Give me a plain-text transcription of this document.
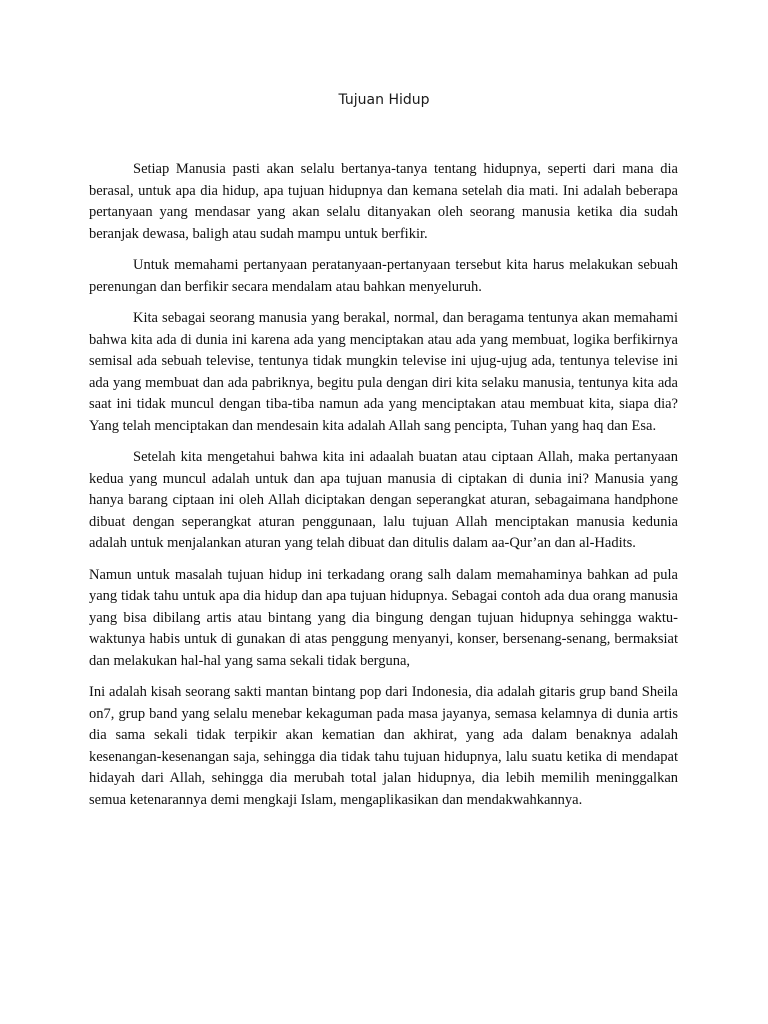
Tujuan Hidup

Setiap Manusia pasti akan selalu bertanya-tanya tentang hidupnya, seperti dari mana dia berasal, untuk apa dia hidup, apa tujuan hidupnya dan kemana setelah dia mati. Ini adalah beberapa pertanyaan yang mendasar yang akan selalu ditanyakan oleh seorang manusia ketika dia sudah beranjak dewasa, baligh atau sudah mampu untuk berfikir.

Untuk memahami pertanyaan peratanyaan-pertanyaan tersebut kita harus melakukan sebuah perenungan dan berfikir secara mendalam atau bahkan menyeluruh.

Kita sebagai seorang manusia yang berakal, normal, dan beragama tentunya akan memahami bahwa kita ada di dunia ini karena ada yang menciptakan atau ada yang membuat, logika berfikirnya semisal ada sebuah televise, tentunya tidak mungkin televise ini ujug-ujug ada, tentunya televise ini ada yang membuat dan ada pabriknya, begitu pula dengan diri kita selaku manusia, tentunya kita ada saat ini tidak muncul dengan tiba-tiba namun ada yang menciptakan atau membuat kita, siapa dia? Yang telah menciptakan dan mendesain kita adalah Allah sang pencipta, Tuhan yang haq dan Esa.

Setelah kita mengetahui bahwa kita ini adaalah buatan atau ciptaan Allah, maka pertanyaan kedua yang muncul adalah untuk dan apa tujuan manusia di ciptakan di dunia ini? Manusia yang hanya barang ciptaan ini oleh Allah diciptakan dengan seperangkat aturan, sebagaimana handphone dibuat dengan seperangkat aturan penggunaan, lalu tujuan Allah menciptakan manusia kedunia adalah untuk menjalankan aturan yang telah dibuat dan ditulis dalam aa-Qur’an dan al-Hadits.

Namun untuk masalah tujuan hidup ini terkadang orang salh dalam memahaminya bahkan ad pula yang tidak tahu untuk apa dia hidup dan apa tujuan hidupnya. Sebagai contoh ada dua orang manusia yang bisa dibilang artis atau bintang yang dia bingung dengan tujuan hidupnya sehingga waktu-waktunya habis untuk di gunakan di atas penggung menyanyi, konser, bersenang-senang, bermaksiat dan melakukan hal-hal yang sama sekali tidak berguna,

Ini adalah kisah seorang sakti mantan bintang pop dari Indonesia, dia adalah gitaris grup band Sheila on7, grup band yang selalu menebar kekaguman pada masa jayanya, semasa kelamnya di dunia artis dia sama sekali tidak terpikir akan kematian dan akhirat, yang ada dalam benaknya adalah kesenangan-kesenangan saja, sehingga dia tidak tahu tujuan hidupnya, lalu suatu ketika di mendapat hidayah dari Allah, sehingga dia merubah total jalan hidupnya, dia lebih memilih meninggalkan semua ketenarannya demi mengkaji Islam, mengaplikasikan dan mendakwahkannya.
